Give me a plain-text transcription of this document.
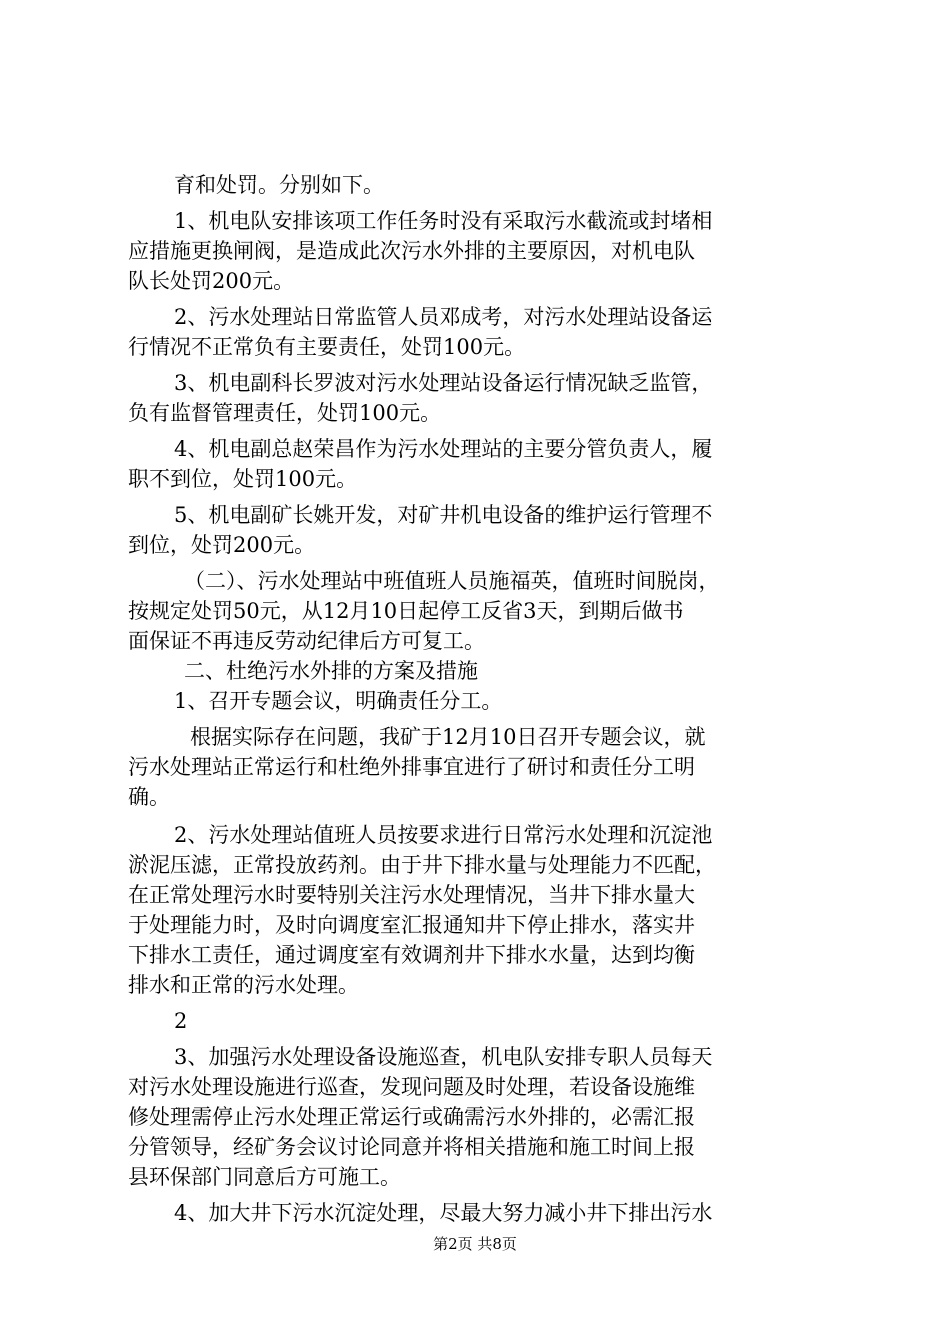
育和处罚。分别如下。
1、机电队安排该项工作任务时没有采取污水截流或封堵相
应措施更换闸阀，是造成此次污水外排的主要原因，对机电队
队长处罚200元。
2、污水处理站日常监管人员邓成考，对污水处理站设备运
行情况不正常负有主要责任，处罚100元。
3、机电副科长罗波对污水处理站设备运行情况缺乏监管，
负有监督管理责任，处罚100元。
4、机电副总赵荣昌作为污水处理站的主要分管负责人，履
职不到位，处罚100元。
5、机电副矿长姚开发，对矿井机电设备的维护运行管理不
到位，处罚200元。
（二）、污水处理站中班值班人员施福英，值班时间脱岗，
按规定处罚50元，从12月10日起停工反省3天，到期后做书
面保证不再违反劳动纪律后方可复工。
二、杜绝污水外排的方案及措施
1、召开专题会议，明确责任分工。
根据实际存在问题，我矿于12月10日召开专题会议，就
污水处理站正常运行和杜绝外排事宜进行了研讨和责任分工明
确。
2、污水处理站值班人员按要求进行日常污水处理和沉淀池
淤泥压滤，正常投放药剂。由于井下排水量与处理能力不匹配，
在正常处理污水时要特别关注污水处理情况，当井下排水量大
于处理能力时，及时向调度室汇报通知井下停止排水，落实井
下排水工责任，通过调度室有效调剂井下排水水量，达到均衡
排水和正常的污水处理。
2
3、加强污水处理设备设施巡查，机电队安排专职人员每天
对污水处理设施进行巡查，发现问题及时处理，若设备设施维
修处理需停止污水处理正常运行或确需污水外排的，必需汇报
分管领导，经矿务会议讨论同意并将相关措施和施工时间上报
县环保部门同意后方可施工。
4、加大井下污水沉淀处理，尽最大努力减小井下排出污水
第2页 共8页
